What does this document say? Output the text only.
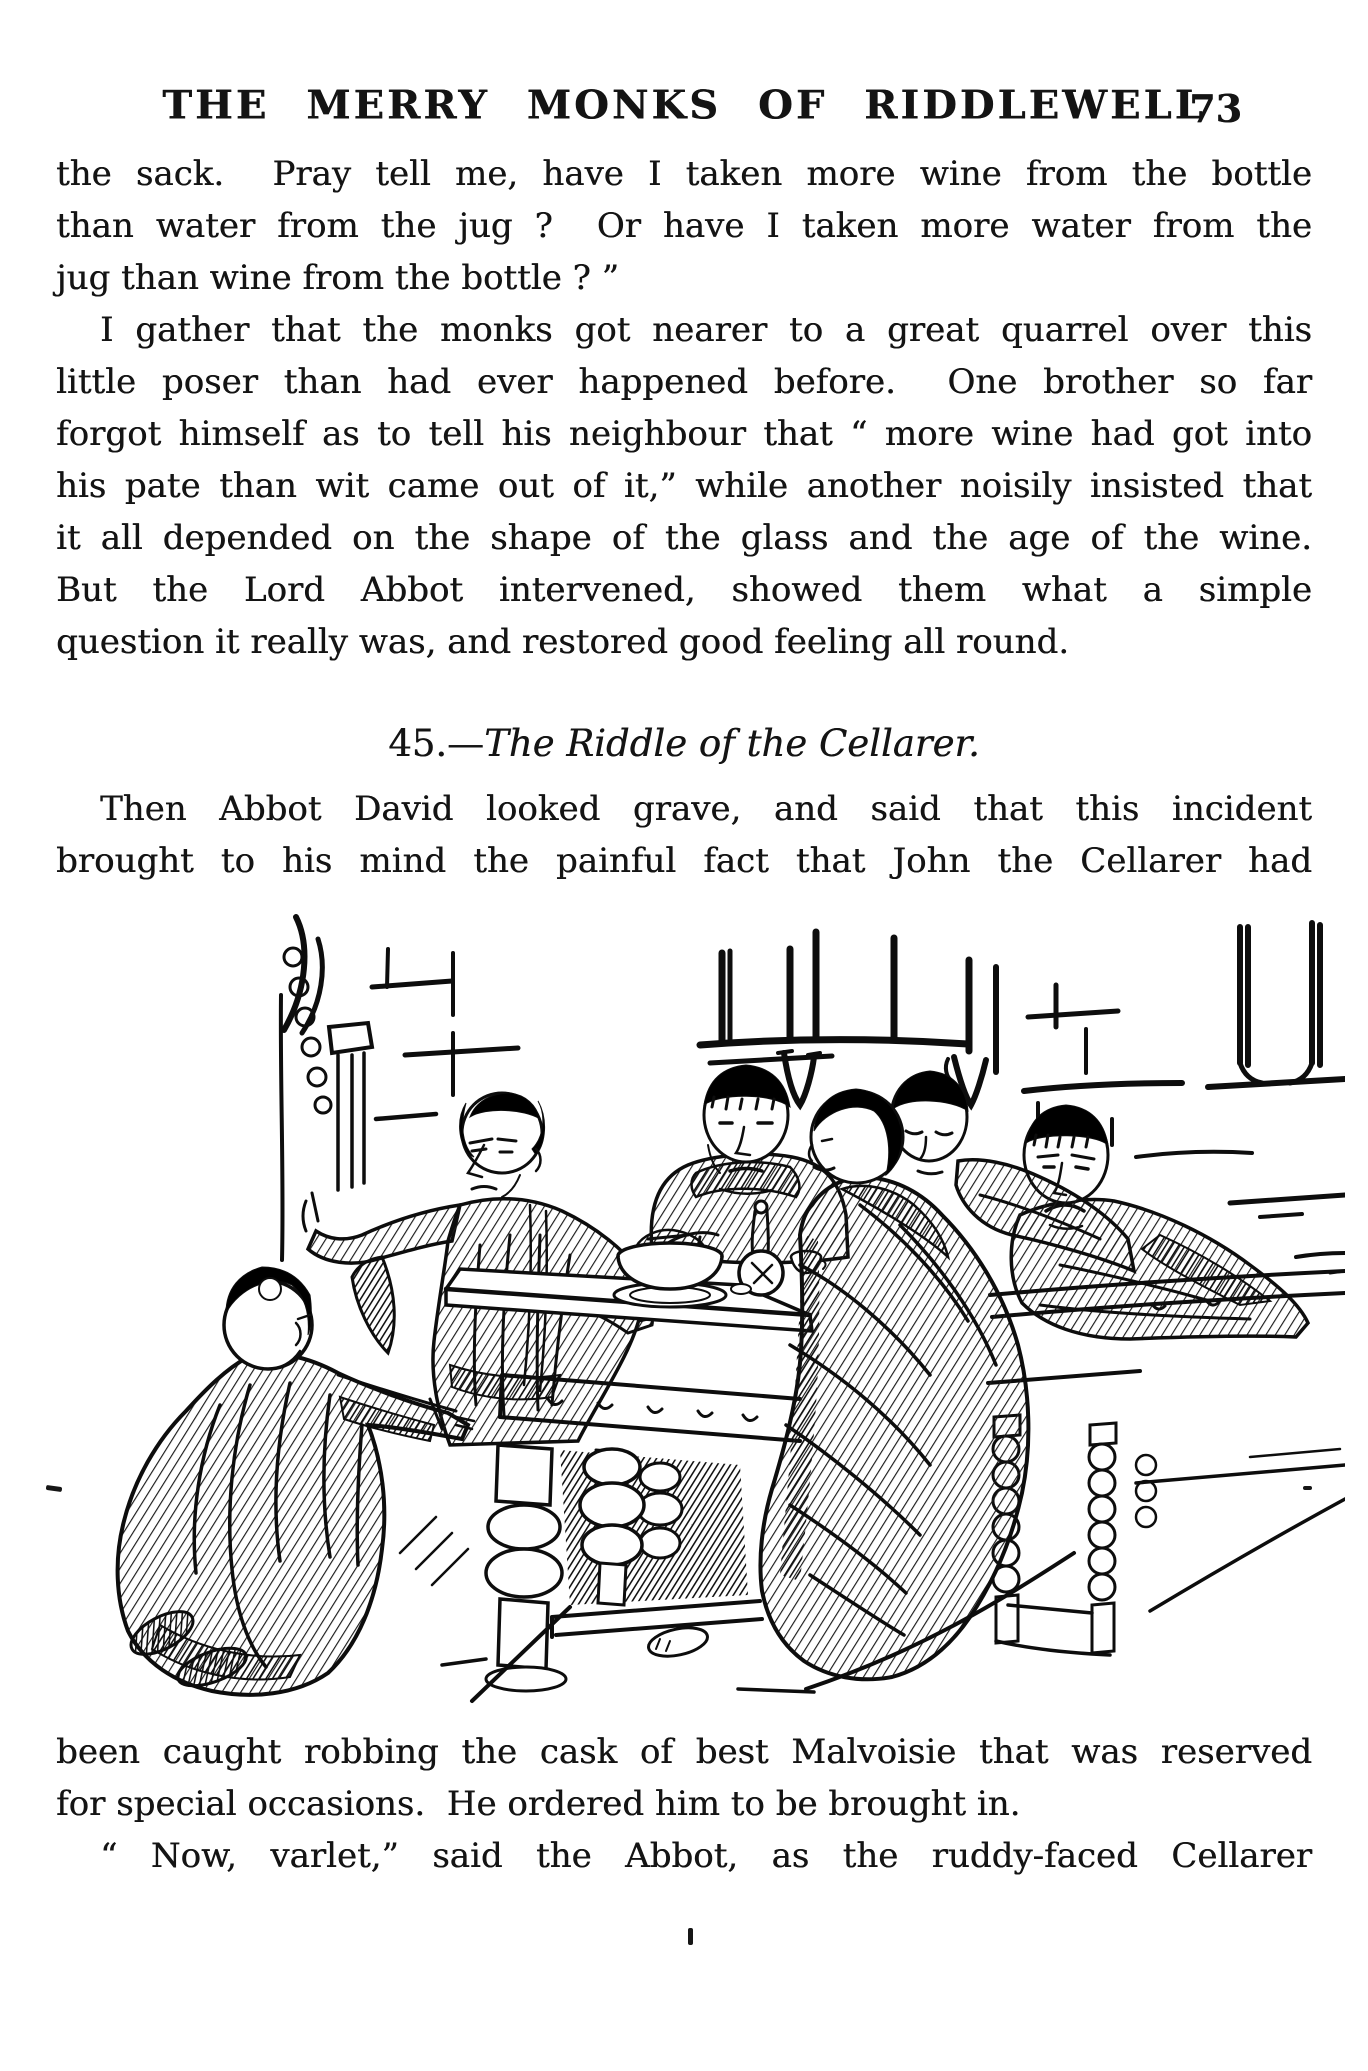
THE MERRY MONKS OF RIDDLEWELL
73
the sack.  Pray tell me, have I taken more wine from the bottle
than water from the jug ?  Or have I taken more water from the
jug than wine from the bottle ? ”
I gather that the monks got nearer to a great quarrel over this
little poser than had ever happened before.  One brother so far
forgot himself as to tell his neighbour that “ more wine had got into
his pate than wit came out of it,” while another noisily insisted that
it all depended on the shape of the glass and the age of the wine.
But the Lord Abbot intervened, showed them what a simple
question it really was, and restored good feeling all round.
45.—The Riddle of the Cellarer.
Then Abbot David looked grave, and said that this incident
brought to his mind the painful fact that John the Cellarer had
been caught robbing the cask of best Malvoisie that was reserved
for special occasions.  He ordered him to be brought in.
“ Now, varlet,” said the Abbot, as the ruddy-faced Cellarer
